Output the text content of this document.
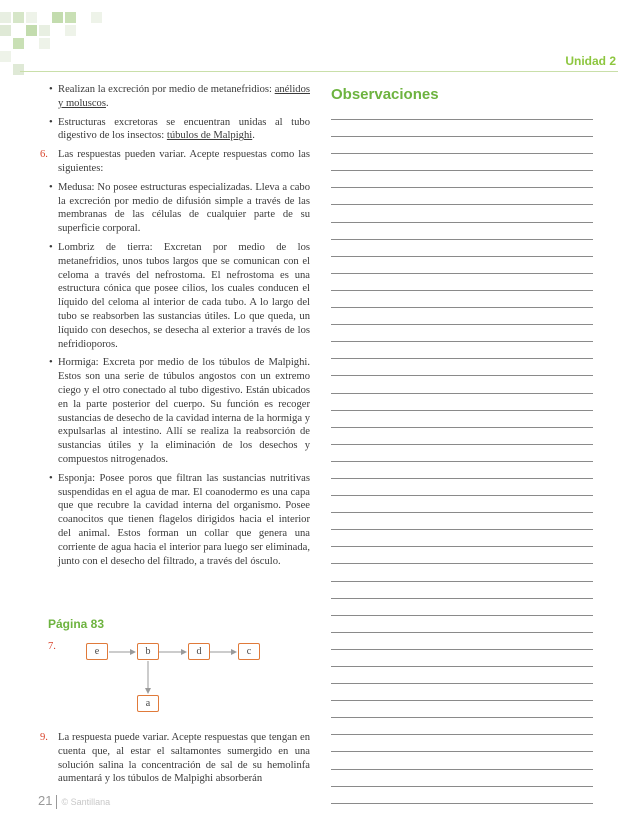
Unidad 2
• Realizan la excreción por medio de metanefridios: anélidos y moluscos.
• Estructuras excretoras se encuentran unidas al tubo digestivo de los insectos: túbulos de Malpighi.
6. Las respuestas pueden variar. Acepte respuestas como las siguientes:
• Medusa: No posee estructuras especializadas. Lleva a cabo la excreción por medio de difusión simple a través de las membranas de las células de cualquier parte de su superficie corporal.
• Lombriz de tierra: Excretan por medio de los metanefridios, unos tubos largos que se comunican con el celoma a través del nefrostoma. El nefrostoma es una estructura cónica que posee cilios, los cuales conducen el líquido del celoma al interior de cada tubo. A lo largo del tubo se reabsorben las sustancias útiles. Lo que queda, un líquido con desechos, se desecha al exterior a través de los nefridioporos.
• Hormiga: Excreta por medio de los túbulos de Malpighi. Estos son una serie de túbulos angostos con un extremo ciego y el otro conectado al tubo digestivo. Están ubicados en la parte posterior del cuerpo. Su función es recoger sustancias de desecho de la cavidad interna de la hormiga y expulsarlas al intestino. Allí se realiza la reabsorción de sustancias útiles y la eliminación de los desechos y compuestos nitrogenados.
• Esponja: Posee poros que filtran las sustancias nutritivas suspendidas en el agua de mar. El coanodermo es una capa que que recubre la cavidad interna del organismo. Posee coanocitos que tienen flagelos dirigidos hacia el interior del animal. Estos forman un collar que genera una corriente de agua hacia el interior para luego ser eliminada, junto con el desecho del filtrado, a través del ósculo.
Página 83
7.	e	b	d	c
a
9. La respuesta puede variar. Acepte respuestas que tengan en cuenta que, al estar el saltamontes sumergido en una solución salina la concentración de sal de su hemolinfa aumentará y los túbulos de Malpighi absorberán
Observaciones
21 © Santillana
